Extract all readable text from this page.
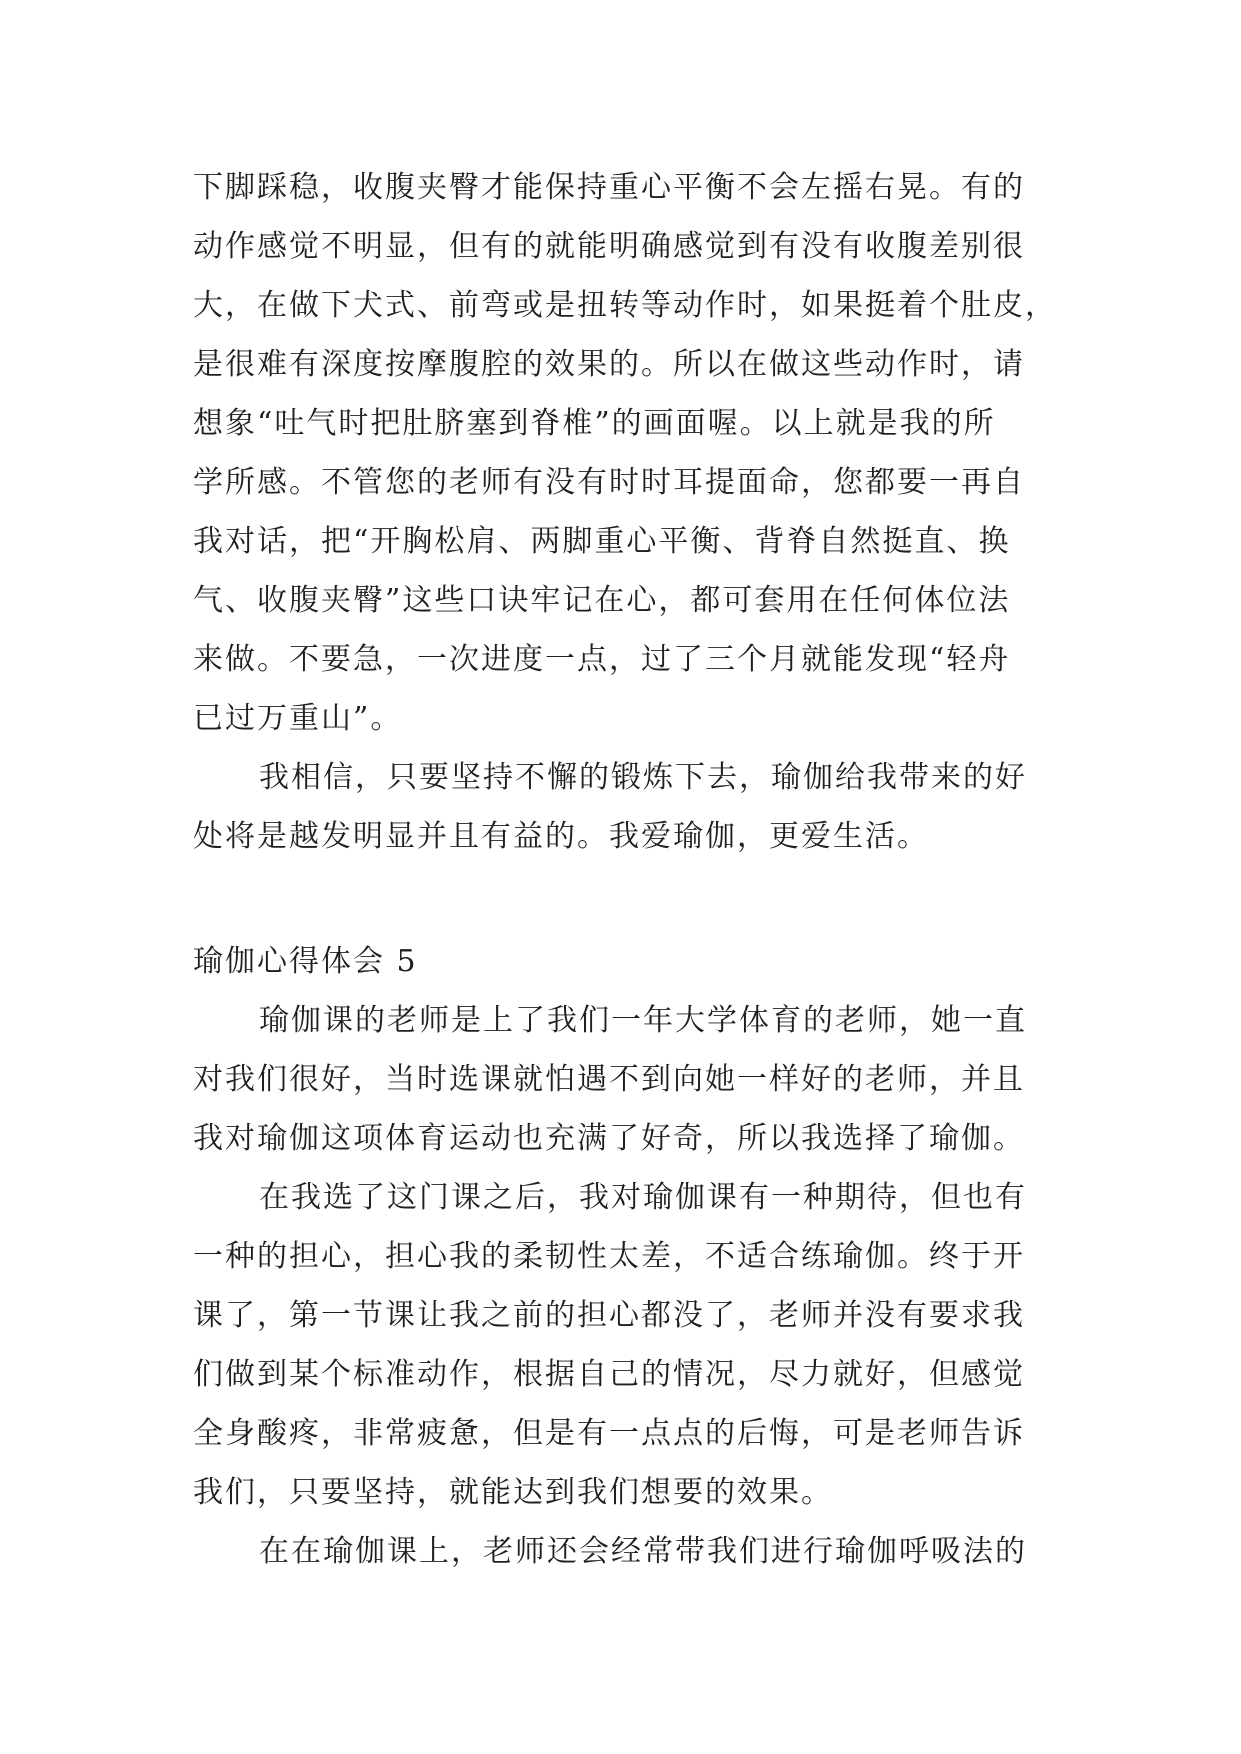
下脚踩稳，收腹夹臀才能保持重心平衡不会左摇右晃。有的
动作感觉不明显，但有的就能明确感觉到有没有收腹差别很
大，在做下犬式、前弯或是扭转等动作时，如果挺着个肚皮，
是很难有深度按摩腹腔的效果的。所以在做这些动作时，请
想象“吐气时把肚脐塞到脊椎”的画面喔。以上就是我的所
学所感。不管您的老师有没有时时耳提面命，您都要一再自
我对话，把“开胸松肩、两脚重心平衡、背脊自然挺直、换
气、收腹夹臀”这些口诀牢记在心，都可套用在任何体位法
来做。不要急，一次进度一点，过了三个月就能发现“轻舟
已过万重山”。
我相信，只要坚持不懈的锻炼下去，瑜伽给我带来的好
处将是越发明显并且有益的。我爱瑜伽，更爱生活。
瑜伽心得体会 5
瑜伽课的老师是上了我们一年大学体育的老师，她一直
对我们很好，当时选课就怕遇不到向她一样好的老师，并且
我对瑜伽这项体育运动也充满了好奇，所以我选择了瑜伽。
在我选了这门课之后，我对瑜伽课有一种期待，但也有
一种的担心，担心我的柔韧性太差，不适合练瑜伽。终于开
课了，第一节课让我之前的担心都没了，老师并没有要求我
们做到某个标准动作，根据自己的情况，尽力就好，但感觉
全身酸疼，非常疲惫，但是有一点点的后悔，可是老师告诉
我们，只要坚持，就能达到我们想要的效果。
在在瑜伽课上，老师还会经常带我们进行瑜伽呼吸法的
